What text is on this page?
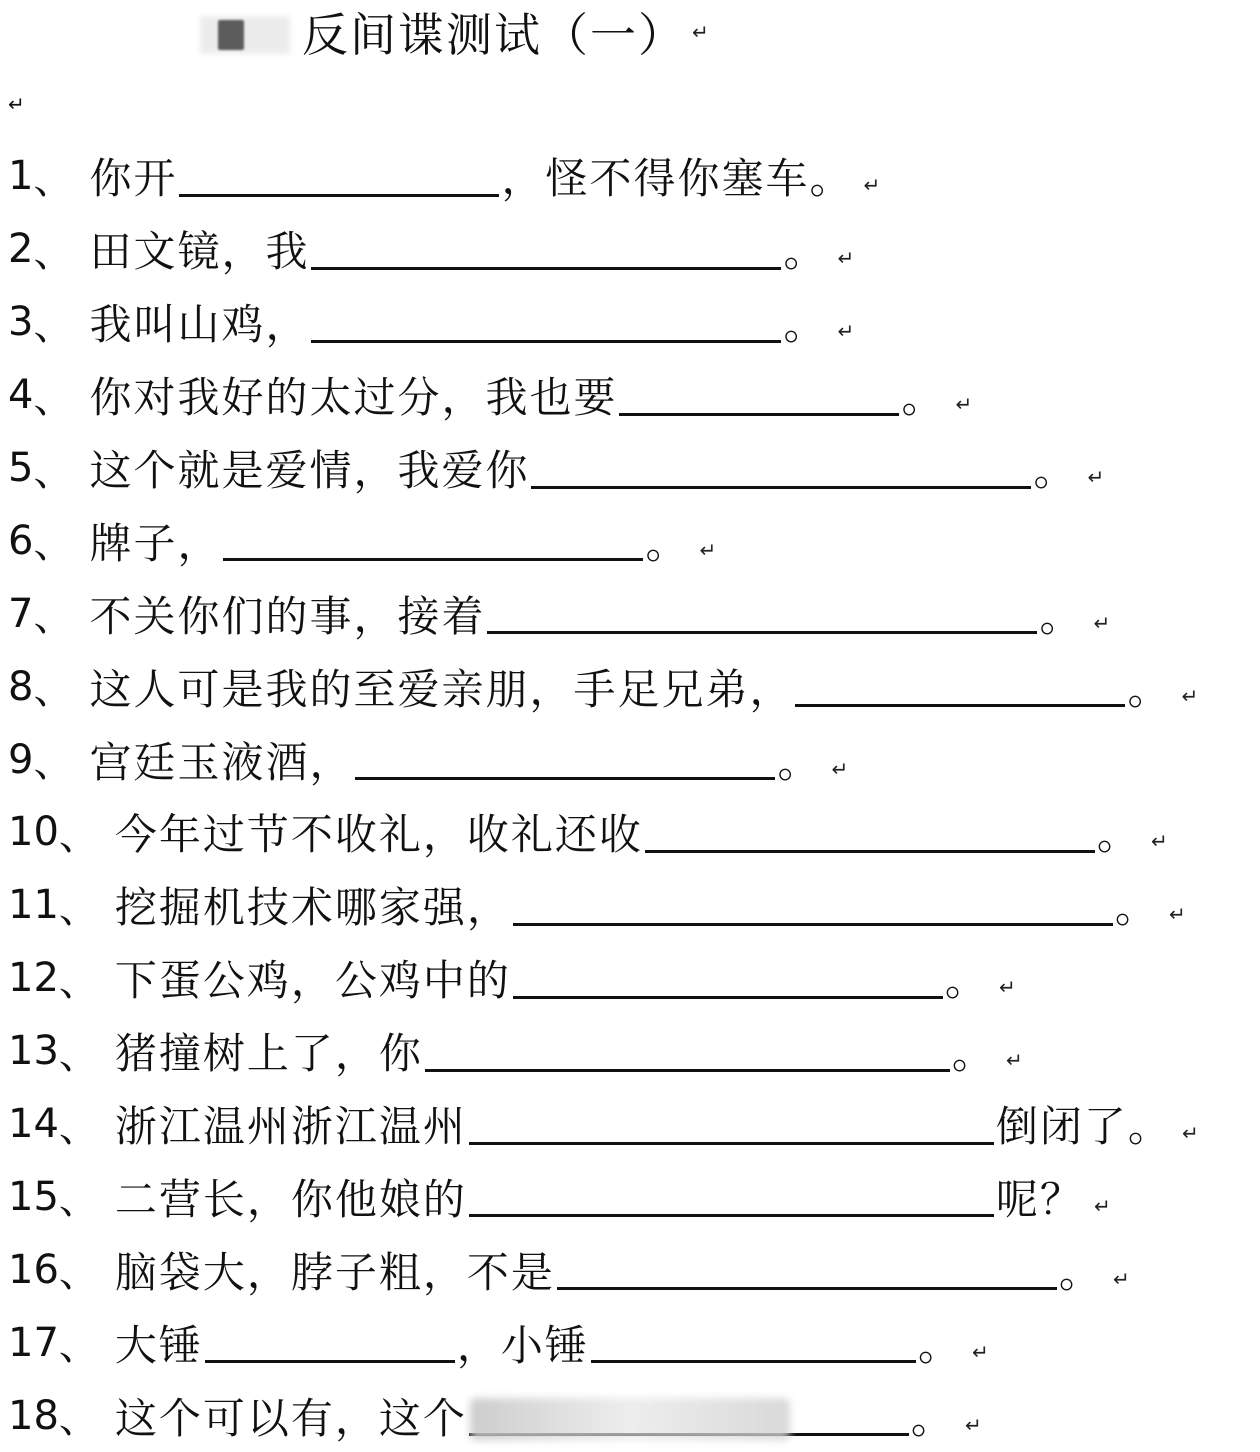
反间谍测试（一） ↵
↵
1 、 你开	，怪不得你塞车。 ↵
2 、 田文镜，我	。 ↵
3 、 我叫山鸡，	。 ↵
4 、 你对我好的太过分，我也要	。 ↵
5 、 这个就是爱情，我爱你	。 ↵
6 、 牌子，	。 ↵
7 、 不关你们的事，接着	。 ↵
8 、 这人可是我的至爱亲朋，手足兄弟，	。 ↵
9 、 宫廷玉液酒，	。 ↵
10 、 今年过节不收礼，收礼还收	。 ↵
11 、 挖掘机技术哪家强，	。 ↵
12 、 下蛋公鸡，公鸡中的	。 ↵
13 、 猪撞树上了，你	。 ↵
14 、 浙江温州浙江温州	倒闭了。 ↵
15 、 二营长，你他娘的	呢？ ↵
16 、 脑袋大，脖子粗，不是	。 ↵
17 、 大锤	，小锤	。 ↵
18 、 这个可以有，这个	。 ↵
